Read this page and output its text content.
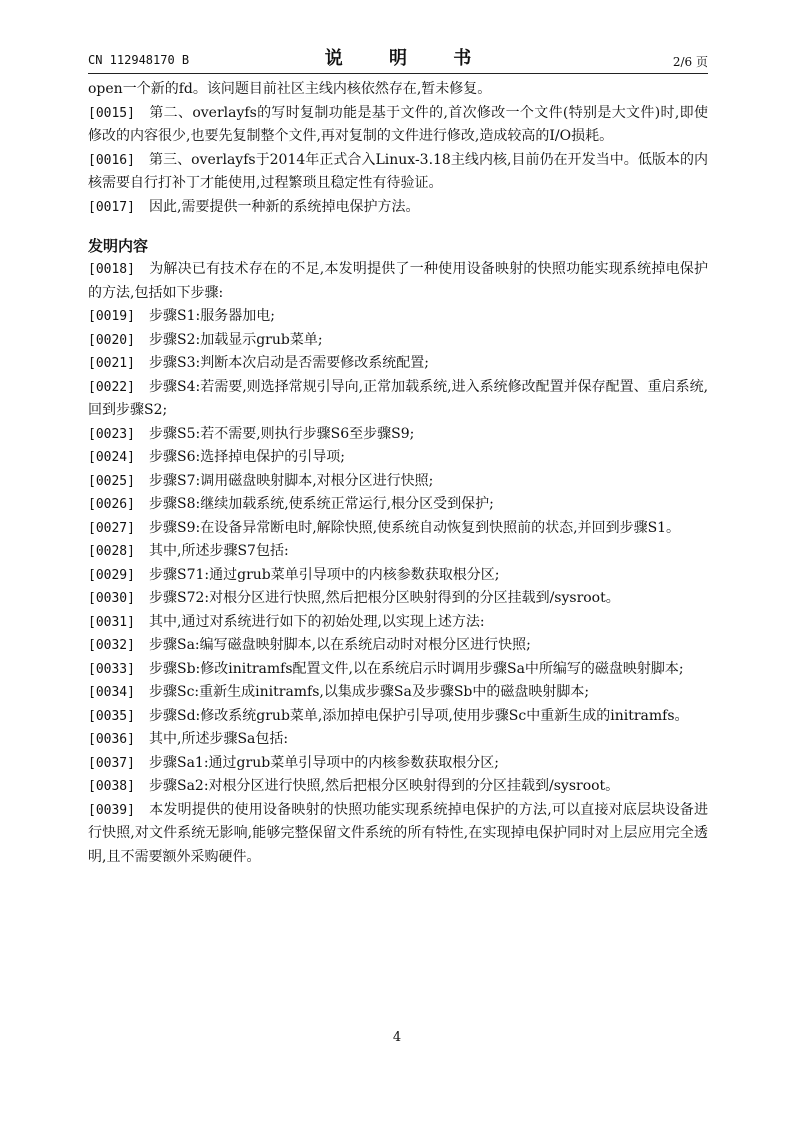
CN 112948170 B	说 明 书	2/6 页

open一个新的fd。该问题目前社区主线内核依然存在,暂未修复。

[0015] 第二、overlayfs的写时复制功能是基于文件的,首次修改一个文件(特别是大文件)时,即使修改的内容很少,也要先复制整个文件,再对复制的文件进行修改,造成较高的I/O损耗。

[0016] 第三、overlayfs于2014年正式合入Linux-3.18主线内核,目前仍在开发当中。低版本的内核需要自行打补丁才能使用,过程繁琐且稳定性有待验证。

[0017] 因此,需要提供一种新的系统掉电保护方法。

发明内容

[0018] 为解决已有技术存在的不足,本发明提供了一种使用设备映射的快照功能实现系统掉电保护的方法,包括如下步骤:

[0019] 步骤S1:服务器加电;

[0020] 步骤S2:加载显示grub菜单;

[0021] 步骤S3:判断本次启动是否需要修改系统配置;

[0022] 步骤S4:若需要,则选择常规引导向,正常加载系统,进入系统修改配置并保存配置、重启系统,回到步骤S2;

[0023] 步骤S5:若不需要,则执行步骤S6至步骤S9;

[0024] 步骤S6:选择掉电保护的引导项;

[0025] 步骤S7:调用磁盘映射脚本,对根分区进行快照;

[0026] 步骤S8:继续加载系统,使系统正常运行,根分区受到保护;

[0027] 步骤S9:在设备异常断电时,解除快照,使系统自动恢复到快照前的状态,并回到步骤S1。

[0028] 其中,所述步骤S7包括:

[0029] 步骤S71:通过grub菜单引导项中的内核参数获取根分区;

[0030] 步骤S72:对根分区进行快照,然后把根分区映射得到的分区挂载到/sysroot。

[0031] 其中,通过对系统进行如下的初始处理,以实现上述方法:

[0032] 步骤Sa:编写磁盘映射脚本,以在系统启动时对根分区进行快照;

[0033] 步骤Sb:修改initramfs配置文件,以在系统启示时调用步骤Sa中所编写的磁盘映射脚本;

[0034] 步骤Sc:重新生成initramfs,以集成步骤Sa及步骤Sb中的磁盘映射脚本;

[0035] 步骤Sd:修改系统grub菜单,添加掉电保护引导项,使用步骤Sc中重新生成的initramfs。

[0036] 其中,所述步骤Sa包括:

[0037] 步骤Sa1:通过grub菜单引导项中的内核参数获取根分区;

[0038] 步骤Sa2:对根分区进行快照,然后把根分区映射得到的分区挂载到/sysroot。

[0039] 本发明提供的使用设备映射的快照功能实现系统掉电保护的方法,可以直接对底层块设备进行快照,对文件系统无影响,能够完整保留文件系统的所有特性,在实现掉电保护同时对上层应用完全透明,且不需要额外采购硬件。

4
